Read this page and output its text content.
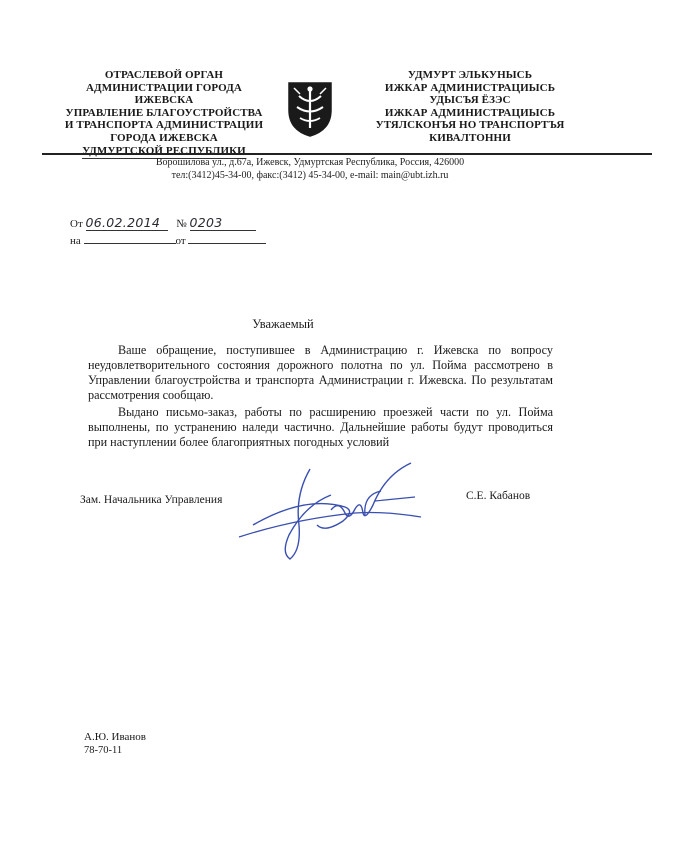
ОТРАСЛЕВОЙ ОРГАН
АДМИНИСТРАЦИИ ГОРОДА ИЖЕВСКА
УПРАВЛЕНИЕ БЛАГОУСТРОЙСТВА
И ТРАНСПОРТА АДМИНИСТРАЦИИ
ГОРОДА ИЖЕВСКА
УДМУРТСКОЙ РЕСПУБЛИКИ
УДМУРТ ЭЛЬКУНЫСЬ
ИЖКАР АДМИНИСТРАЦИЫСЬ
УДЫСЪЯ ЁЗЭС
ИЖКАР АДМИНИСТРАЦИЫСЬ
УТЯЛСКОНЪЯ НО ТРАНСПОРТЪЯ
КИВАЛТОННИ
Ворошилова ул., д.67а, Ижевск, Удмуртская Республика, Россия, 426000
тел:(3412)45-34-00, факс:(3412) 45-34-00, e-mail: main@ubt.izh.ru
От 06.02.2014 № 0203
на	от
Уважаемый
Ваше обращение, поступившее в Администрацию г. Ижевска по вопросу неудовлетворительного состояния дорожного полотна по ул. Пойма рассмотрено в Управлении благоустройства и транспорта Администрации г. Ижевска. По результатам рассмотрения сообщаю.
Выдано письмо-заказ, работы по расширению проезжей части по ул. Пойма выполнены, по устранению наледи частично. Дальнейшие работы будут проводиться при наступлении более благоприятных погодных условий
Зам. Начальника Управления	С.Е. Кабанов
А.Ю. Иванов
78-70-11
